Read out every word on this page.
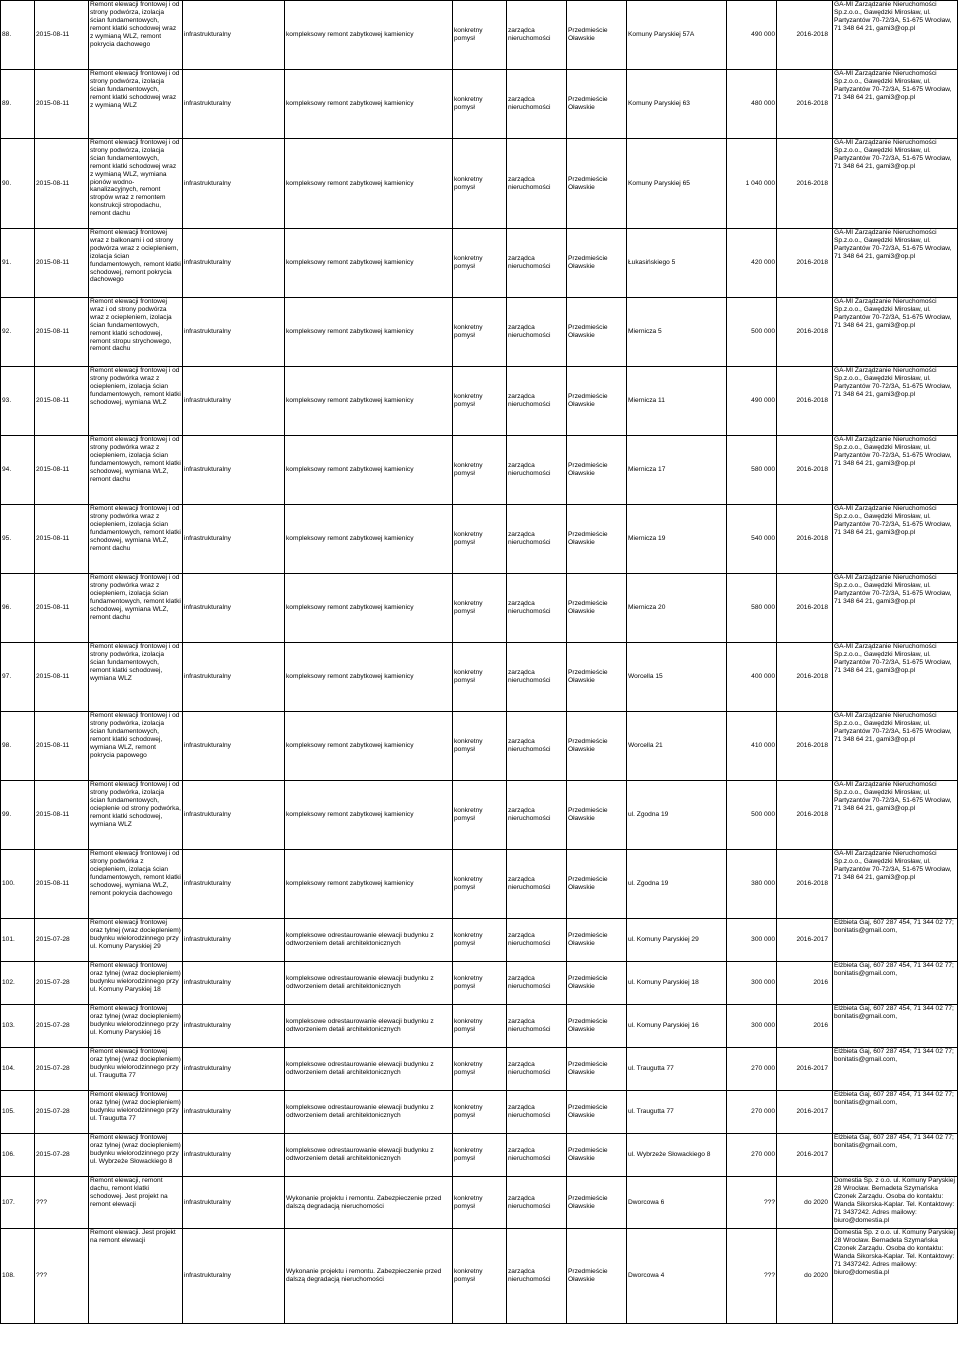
88.	2015-08-11	Remont elewacji frontowej i od strony podwórza, izolacja ścian fundamentowych, remont klatki schodowej wraz z wymianą WLZ, remont pokrycia dachowego	infrastrukturalny	kompleksowy remont zabytkowej kamienicy	konkretny pomysł	zarządca nieruchomości	Przedmieście Oławskie	Komuny Paryskiej 57A	490 000	2016-2018	GA-MI Zarządzanie Nieruchomości Sp.z.o.o., Gawędzki Mirosław, ul. Partyzantów 70-72/3A, 51-675 Wrocław, 71 348 64 21, gami3@op.pl
89.	2015-08-11	Remont elewacji frontowej i od strony podwórza, izolacja ścian fundamentowych, remont klatki schodowej wraz z wymianą WLZ	infrastrukturalny	kompleksowy remont zabytkowej kamienicy	konkretny pomysł	zarządca nieruchomości	Przedmieście Oławskie	Komuny Paryskiej 63	480 000	2016-2018	GA-MI Zarządzanie Nieruchomości Sp.z.o.o., Gawędzki Mirosław, ul. Partyzantów 70-72/3A, 51-675 Wrocław, 71 348 64 21, gami3@op.pl
90.	2015-08-11	Remont elewacji frontowej i od strony podwórza, izolacja ścian fundamentowych, remont klatki schodowej wraz z wymianą WLZ, wymiana pionów wodno-kanalizacyjnych, remont stropów wraz z remontem konstrukcji stropodachu, remont dachu	infrastrukturalny	kompleksowy remont zabytkowej kamienicy	konkretny pomysł	zarządca nieruchomości	Przedmieście Oławskie	Komuny Paryskiej 65	1 040 000	2016-2018	GA-MI Zarządzanie Nieruchomości Sp.z.o.o., Gawędzki Mirosław, ul. Partyzantów 70-72/3A, 51-675 Wrocław, 71 348 64 21, gami3@op.pl
91.	2015-08-11	Remont elewacji frontowej wraz z balkonami i od strony podwórza wraz z ociepleniem, izolacja ścian fundamentowych, remont klatki schodowej, remont pokrycia dachowego	infrastrukturalny	kompleksowy remont zabytkowej kamienicy	konkretny pomysł	zarządca nieruchomości	Przedmieście Oławskie	Łukasińskiego 5	420 000	2016-2018	GA-MI Zarządzanie Nieruchomości Sp.z.o.o., Gawędzki Mirosław, ul. Partyzantów 70-72/3A, 51-675 Wrocław, 71 348 64 21, gami3@op.pl
92.	2015-08-11	Remont elewacji frontowej wraz i od strony podwórza wraz z ociepleniem, izolacja ścian fundamentowych, remont klatki schodowej, remont stropu strychowego, remont dachu	infrastrukturalny	kompleksowy remont zabytkowej kamienicy	konkretny pomysł	zarządca nieruchomości	Przedmieście Oławskie	Miernicza 5	500 000	2016-2018	GA-MI Zarządzanie Nieruchomości Sp.z.o.o., Gawędzki Mirosław, ul. Partyzantów 70-72/3A, 51-675 Wrocław, 71 348 64 21, gami3@op.pl
93.	2015-08-11	Remont elewacji frontowej i od strony podwórka wraz z ociepleniem, izolacja ścian fundamentowych, remont klatki schodowej, wymiana WLZ	infrastrukturalny	kompleksowy remont zabytkowej kamienicy	konkretny pomysł	zarządca nieruchomości	Przedmieście Oławskie	Miernicza 11	490 000	2016-2018	GA-MI Zarządzanie Nieruchomości Sp.z.o.o., Gawędzki Mirosław, ul. Partyzantów 70-72/3A, 51-675 Wrocław, 71 348 64 21, gami3@op.pl
94.	2015-08-11	Remont elewacji frontowej i od strony podwórka wraz z ociepleniem, izolacja ścian fundamentowych, remont klatki schodowej, wymiana WLZ, remont dachu	infrastrukturalny	kompleksowy remont zabytkowej kamienicy	konkretny pomysł	zarządca nieruchomości	Przedmieście Oławskie	Miernicza 17	580 000	2016-2018	GA-MI Zarządzanie Nieruchomości Sp.z.o.o., Gawędzki Mirosław, ul. Partyzantów 70-72/3A, 51-675 Wrocław, 71 348 64 21, gami3@op.pl
95.	2015-08-11	Remont elewacji frontowej i od strony podwórka wraz z ociepleniem, izolacja ścian fundamentowych, remont klatki schodowej, wymiana WLZ, remont dachu	infrastrukturalny	kompleksowy remont zabytkowej kamienicy	konkretny pomysł	zarządca nieruchomości	Przedmieście Oławskie	Miernicza 19	540 000	2016-2018	GA-MI Zarządzanie Nieruchomości Sp.z.o.o., Gawędzki Mirosław, ul. Partyzantów 70-72/3A, 51-675 Wrocław, 71 348 64 21, gami3@op.pl
96.	2015-08-11	Remont elewacji frontowej i od strony podwórka wraz z ociepleniem, izolacja ścian fundamentowych, remont klatki schodowej, wymiana WLZ, remont dachu	infrastrukturalny	kompleksowy remont zabytkowej kamienicy	konkretny pomysł	zarządca nieruchomości	Przedmieście Oławskie	Miernicza 20	580 000	2016-2018	GA-MI Zarządzanie Nieruchomości Sp.z.o.o., Gawędzki Mirosław, ul. Partyzantów 70-72/3A, 51-675 Wrocław, 71 348 64 21, gami3@op.pl
97.	2015-08-11	Remont elewacji frontowej i od strony podwórka, izolacja ścian fundamentowych, remont klatki schodowej, wymiana WLZ	infrastrukturalny	kompleksowy remont zabytkowej kamienicy	konkretny pomysł	zarządca nieruchomości	Przedmieście Oławskie	Worcella 15	400 000	2016-2018	GA-MI Zarządzanie Nieruchomości Sp.z.o.o., Gawędzki Mirosław, ul. Partyzantów 70-72/3A, 51-675 Wrocław, 71 348 64 21, gami3@op.pl
98.	2015-08-11	Remont elewacji frontowej i od strony podwórka, izolacja ścian fundamentowych, remont klatki schodowej, wymiana WLZ, remont pokrycia papowego	infrastrukturalny	kompleksowy remont zabytkowej kamienicy	konkretny pomysł	zarządca nieruchomości	Przedmieście Oławskie	Worcella 21	410 000	2016-2018	GA-MI Zarządzanie Nieruchomości Sp.z.o.o., Gawędzki Mirosław, ul. Partyzantów 70-72/3A, 51-675 Wrocław, 71 348 64 21, gami3@op.pl
99.	2015-08-11	Remont elewacji frontowej i od strony podwórka, izolacja ścian fundamentowych, ocieplenie od strony podwórka, remont klatki schodowej, wymiana WLZ	infrastrukturalny	kompleksowy remont zabytkowej kamienicy	konkretny pomysł	zarządca nieruchomości	Przedmieście Oławskie	ul. Zgodna 19	500 000	2016-2018	GA-MI Zarządzanie Nieruchomości Sp.z.o.o., Gawędzki Mirosław, ul. Partyzantów 70-72/3A, 51-675 Wrocław, 71 348 64 21, gami3@op.pl
100.	2015-08-11	Remont elewacji frontowej i od strony podwórka z ociepleniem, izolacja ścian fundamentowych, remont klatki schodowej, wymiana WLZ, remont pokrycia dachowego	infrastrukturalny	kompleksowy remont zabytkowej kamienicy	konkretny pomysł	zarządca nieruchomości	Przedmieście Oławskie	ul. Zgodna 19	380 000	2016-2018	GA-MI Zarządzanie Nieruchomości Sp.z.o.o., Gawędzki Mirosław, ul. Partyzantów 70-72/3A, 51-675 Wrocław, 71 348 64 21, gami3@op.pl
101.	2015-07-28	Remont elewacji frontowej oraz tylnej (wraz dociepleniem) budynku wielorodzinnego przy ul. Komuny Paryskiej 29	infrastrukturalny	kompleksowe odrestaurowanie elewacji budynku z odtworzeniem detali architektonicznych	konkretny pomysł	zarządca nieruchomości	Przedmieście Oławskie	ul. Komuny Paryskiej 29	300 000	2016-2017	Elżbieta Gaj, 607 287 454, 71 344 02 77; bonitatis@gmail.com,
102.	2015-07-28	Remont elewacji frontowej oraz tylnej (wraz dociepleniem) budynku wielorodzinnego przy ul. Komuny Paryskiej 18	infrastrukturalny	kompleksowe odrestaurowanie elewacji budynku z odtworzeniem detali architektonicznych	konkretny pomysł	zarządca nieruchomości	Przedmieście Oławskie	ul. Komuny Paryskiej 18	300 000	2016	Elżbieta Gaj, 607 287 454, 71 344 02 77; bonitatis@gmail.com,
103.	2015-07-28	Remont elewacji frontowej oraz tylnej (wraz dociepleniem) budynku wielorodzinnego przy ul. Komuny Paryskiej 16	infrastrukturalny	kompleksowe odrestaurowanie elewacji budynku z odtworzeniem detali architektonicznych	konkretny pomysł	zarządca nieruchomości	Przedmieście Oławskie	ul. Komuny Paryskiej 16	300 000	2016	Elżbieta Gaj, 607 287 454, 71 344 02 77; bonitatis@gmail.com,
104.	2015-07-28	Remont elewacji frontowej oraz tylnej (wraz dociepleniem) budynku wielorodzinnego przy ul. Traugutta 77	infrastrukturalny	kompleksowe odrestaurowanie elewacji budynku z odtworzeniem detali architektonicznych	konkretny pomysł	zarządca nieruchomości	Przedmieście Oławskie	ul. Traugutta 77	270 000	2016-2017	Elżbieta Gaj, 607 287 454, 71 344 02 77; bonitatis@gmail.com,
105.	2015-07-28	Remont elewacji frontowej oraz tylnej (wraz dociepleniem) budynku wielorodzinnego przy ul. Traugutta 77	infrastrukturalny	kompleksowe odrestaurowanie elewacji budynku z odtworzeniem detali architektonicznych	konkretny pomysł	zarządca nieruchomości	Przedmieście Oławskie	ul. Traugutta 77	270 000	2016-2017	Elżbieta Gaj, 607 287 454, 71 344 02 77; bonitatis@gmail.com,
106.	2015-07-28	Remont elewacji frontowej oraz tylnej (wraz dociepleniem) budynku wielorodzinnego przy ul. Wybrzeże Słowackiego 8	infrastrukturalny	kompleksowe odrestaurowanie elewacji budynku z odtworzeniem detali architektonicznych	konkretny pomysł	zarządca nieruchomości	Przedmieście Oławskie	ul. Wybrzeże Słowackiego 8	270 000	2016-2017	Elżbieta Gaj, 607 287 454, 71 344 02 77; bonitatis@gmail.com,
107.	???	Remont elewacji, remont dachu, remont klatki schodowej. Jest projekt na remont elewacji	infrastrukturalny	Wykonanie projektu i remontu. Zabezpieczenie przed dalszą degradacją nieruchomości	konkretny pomysł	zarządca nieruchomości	Przedmieście Oławskie	Dworcowa 6	???	do 2020	Domestia Sp. z o.o. ul. Komuny Paryskiej 28 Wrocław. Bernadeta Szymańska Czonek Zarządu. Osoba do kontaktu: Wanda Sikorska-Kaplar. Tel. Kontaktowy: 71 3437242. Adres mailowy: biuro@domestia.pl
108.	???	Remont elewacji. Jest projekt na remont elewacji	infrastrukturalny	Wykonanie projektu i remontu. Zabezpieczenie przed dalszą degradacją nieruchomości	konkretny pomysł	zarządca nieruchomości	Przedmieście Oławskie	Dworcowa 4	???	do 2020	Domestia Sp. z o.o. ul. Komuny Paryskiej 28 Wrocław. Bernadeta Szymańska Czonek Zarządu. Osoba do kontaktu: Wanda Sikorska-Kaplar. Tel. Kontaktowy: 71 3437242. Adres mailowy: biuro@domestia.pl
